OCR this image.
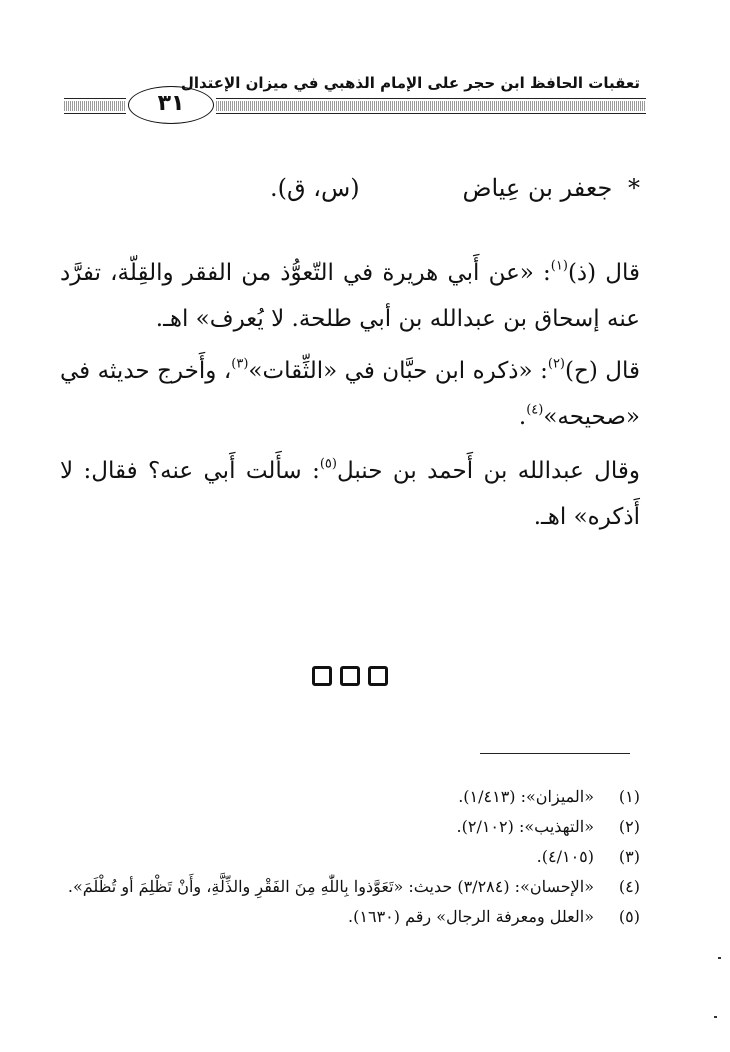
تعقبات الحافظ ابن حجر على الإمام الذهبي في ميزان الإعتدال
٣١
* جعفر بن عِياض
(س، ق).
قال (ذ)$^{(١)}$: «عن أَبي هريرة في التّعوُّذ من الفقر والقِلّة، تفرَّد عنه إسحاق بن عبدالله بن أبي طلحة. لا يُعرف» اهـ.
قال (ح)$^{(٢)}$: «ذكره ابن حبَّان في «الثِّقات»$^{(٣)}$، وأَخرج حديثه في «صحيحه»$^{(٤)}$.
وقال عبدالله بن أَحمد بن حنبل$^{(٥)}$: سأَلت أَبي عنه؟ فقال: لا أَذكره» اهـ.
(١)
«الميزان»: (١/٤١٣).
(٢)
«التهذيب»: (٢/١٠٢).
(٣)
(٤/١٠٥).
(٤)
«الإحسان»: (٣/٢٨٤) حديث: «تَعَوَّذوا بِاللّٰهِ مِنَ الفَقْرِ والذِّلَّةِ، وأَنْ تَظْلِمَ أو تُظْلَمَ».
(٥)
«العلل ومعرفة الرجال» رقم (١٦٣٠).
